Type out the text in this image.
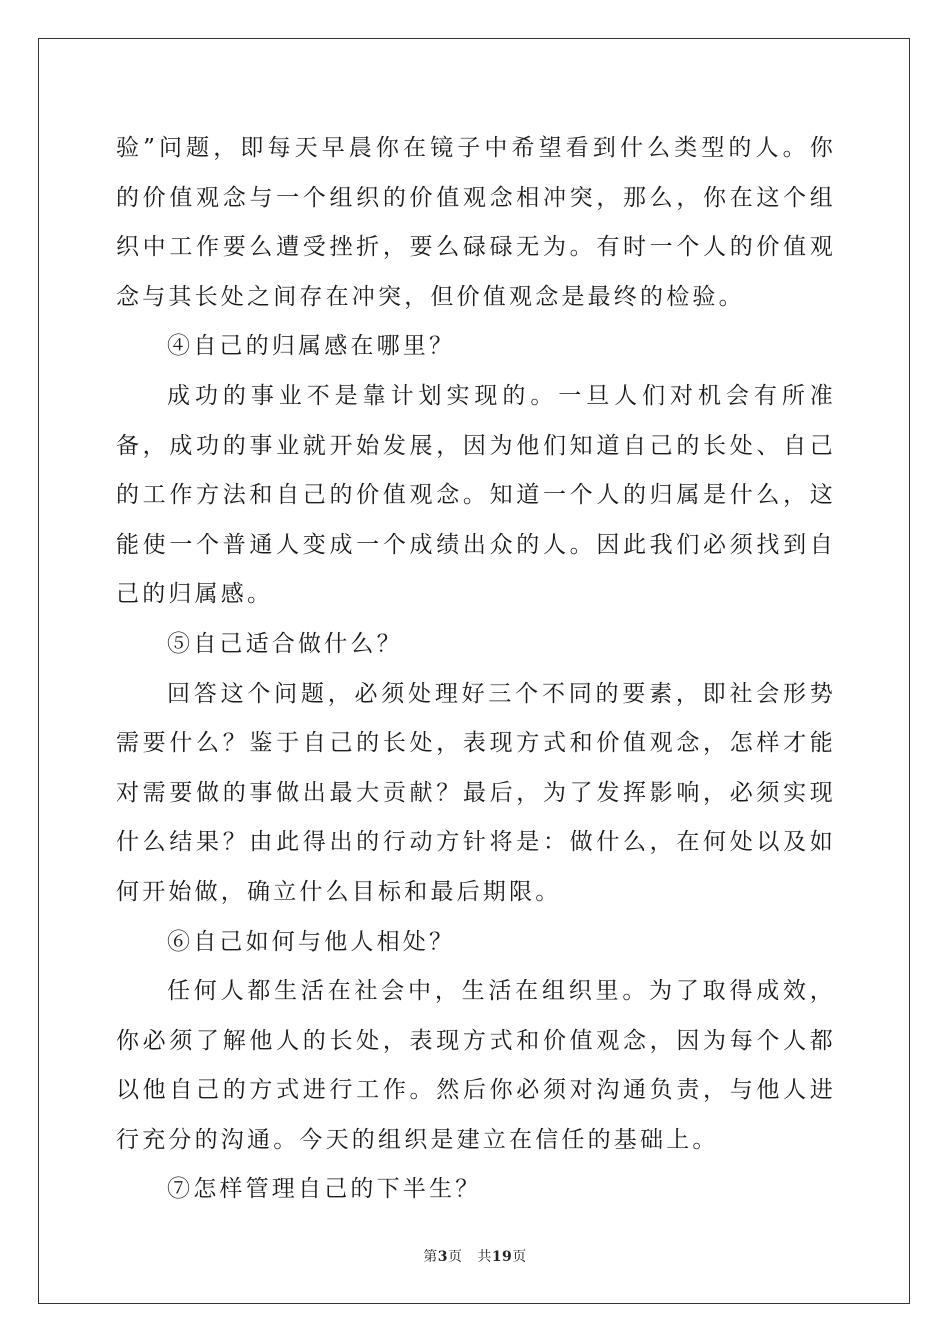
验”问题，即每天早晨你在镜子中希望看到什么类型的人。你的价值观念与一个组织的价值观念相冲突，那么，你在这个组织中工作要么遭受挫折，要么碌碌无为。有时一个人的价值观念与其长处之间存在冲突，但价值观念是最终的检验。

④自己的归属感在哪里？

成功的事业不是靠计划实现的。一旦人们对机会有所准备，成功的事业就开始发展，因为他们知道自己的长处、自己的工作方法和自己的价值观念。知道一个人的归属是什么，这能使一个普通人变成一个成绩出众的人。因此我们必须找到自己的归属感。

⑤自己适合做什么？

回答这个问题，必须处理好三个不同的要素，即社会形势需要什么？鉴于自己的长处，表现方式和价值观念，怎样才能对需要做的事做出最大贡献？最后，为了发挥影响，必须实现什么结果？由此得出的行动方针将是：做什么，在何处以及如何开始做，确立什么目标和最后期限。

⑥自己如何与他人相处？

任何人都生活在社会中，生活在组织里。为了取得成效，你必须了解他人的长处，表现方式和价值观念，因为每个人都以他自己的方式进行工作。然后你必须对沟通负责，与他人进行充分的沟通。今天的组织是建立在信任的基础上。

⑦怎样管理自己的下半生？

第3页 共19页
